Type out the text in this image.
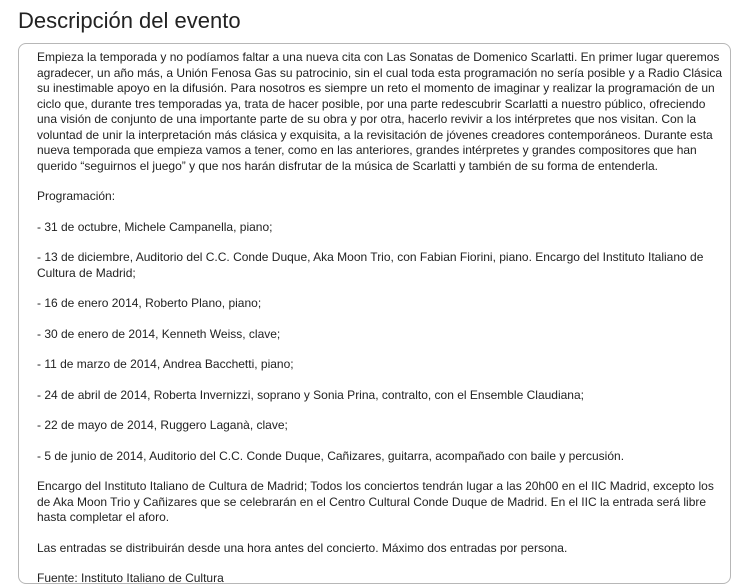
Descripción del evento

Empieza la temporada y no podíamos faltar a una nueva cita con Las Sonatas de Domenico Scarlatti. En primer lugar queremos agradecer, un año más, a Unión Fenosa Gas su patrocinio, sin el cual toda esta programación no sería posible y a Radio Clásica su inestimable apoyo en la difusión. Para nosotros es siempre un reto el momento de imaginar y realizar la programación de un ciclo que, durante tres temporadas ya, trata de hacer posible, por una parte redescubrir Scarlatti a nuestro público, ofreciendo una visión de conjunto de una importante parte de su obra y por otra, hacerlo revivir a los intérpretes que nos visitan. Con la voluntad de unir la interpretación más clásica y exquisita, a la revisitación de jóvenes creadores contemporáneos. Durante esta nueva temporada que empieza vamos a tener, como en las anteriores, grandes intérpretes y grandes compositores que han querido “seguirnos el juego” y que nos harán disfrutar de la música de Scarlatti y también de su forma de entenderla.

Programación:

- 31 de octubre, Michele Campanella, piano;

- 13 de diciembre, Auditorio del C.C. Conde Duque, Aka Moon Trio, con Fabian Fiorini, piano. Encargo del Instituto Italiano de Cultura de Madrid;

- 16 de enero 2014, Roberto Plano, piano;

- 30 de enero de 2014, Kenneth Weiss, clave;

- 11 de marzo de 2014, Andrea Bacchetti, piano;

- 24 de abril de 2014, Roberta Invernizzi, soprano y Sonia Prina, contralto, con el Ensemble Claudiana;

- 22 de mayo de 2014, Ruggero Laganà, clave;

- 5 de junio de 2014, Auditorio del C.C. Conde Duque, Cañizares, guitarra, acompañado con baile y percusión.

Encargo del Instituto Italiano de Cultura de Madrid; Todos los conciertos tendrán lugar a las 20h00 en el IIC Madrid, excepto los de Aka Moon Trio y Cañizares que se celebrarán en el Centro Cultural Conde Duque de Madrid. En el IIC la entrada será libre hasta completar el aforo.

Las entradas se distribuirán desde una hora antes del concierto. Máximo dos entradas por persona.

Fuente: Instituto Italiano de Cultura
